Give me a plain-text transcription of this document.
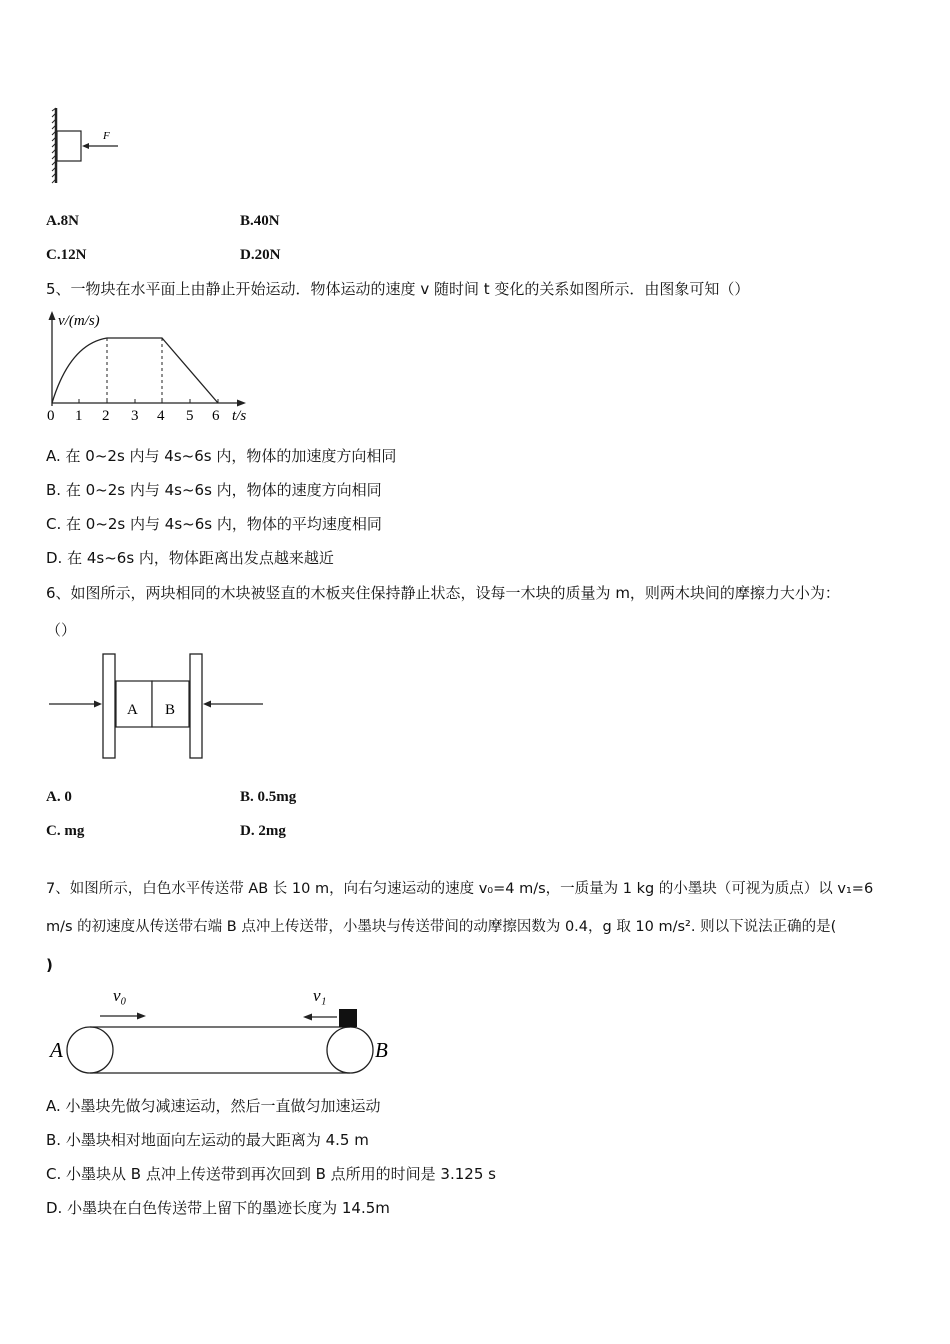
F
A.8N	B.40N
C.12N	D.20N
5、一物块在水平面上由静止开始运动．物体运动的速度 v 随时间 t 变化的关系如图所示．由图象可知（）
v/(m/s)
0 1 2 3 4 5 6 t/s
A. 在 0~2s 内与 4s~6s 内，物体的加速度方向相同
B. 在 0~2s 内与 4s~6s 内，物体的速度方向相同
C. 在 0~2s 内与 4s~6s 内，物体的平均速度相同
D. 在 4s~6s 内，物体距离出发点越来越近
6、如图所示，两块相同的木块被竖直的木板夹住保持静止状态，设每一木块的质量为 m，则两木块间的摩擦力大小为：
（）
A B
A. 0	B. 0.5mg
C. mg	D. 2mg
7、如图所示，白色水平传送带 AB 长 10 m，向右匀速运动的速度 v₀=4 m/s，一质量为 1 kg 的小墨块（可视为质点）以 v₁=6
m/s 的初速度从传送带右端 B 点冲上传送带，小墨块与传送带间的动摩擦因数为 0.4，g 取 10 m/s². 则以下说法正确的是(
)
v₀	v₁
A	B
A. 小墨块先做匀减速运动，然后一直做匀加速运动
B. 小墨块相对地面向左运动的最大距离为 4.5 m
C. 小墨块从 B 点冲上传送带到再次回到 B 点所用的时间是 3.125 s
D. 小墨块在白色传送带上留下的墨迹长度为 14.5m
